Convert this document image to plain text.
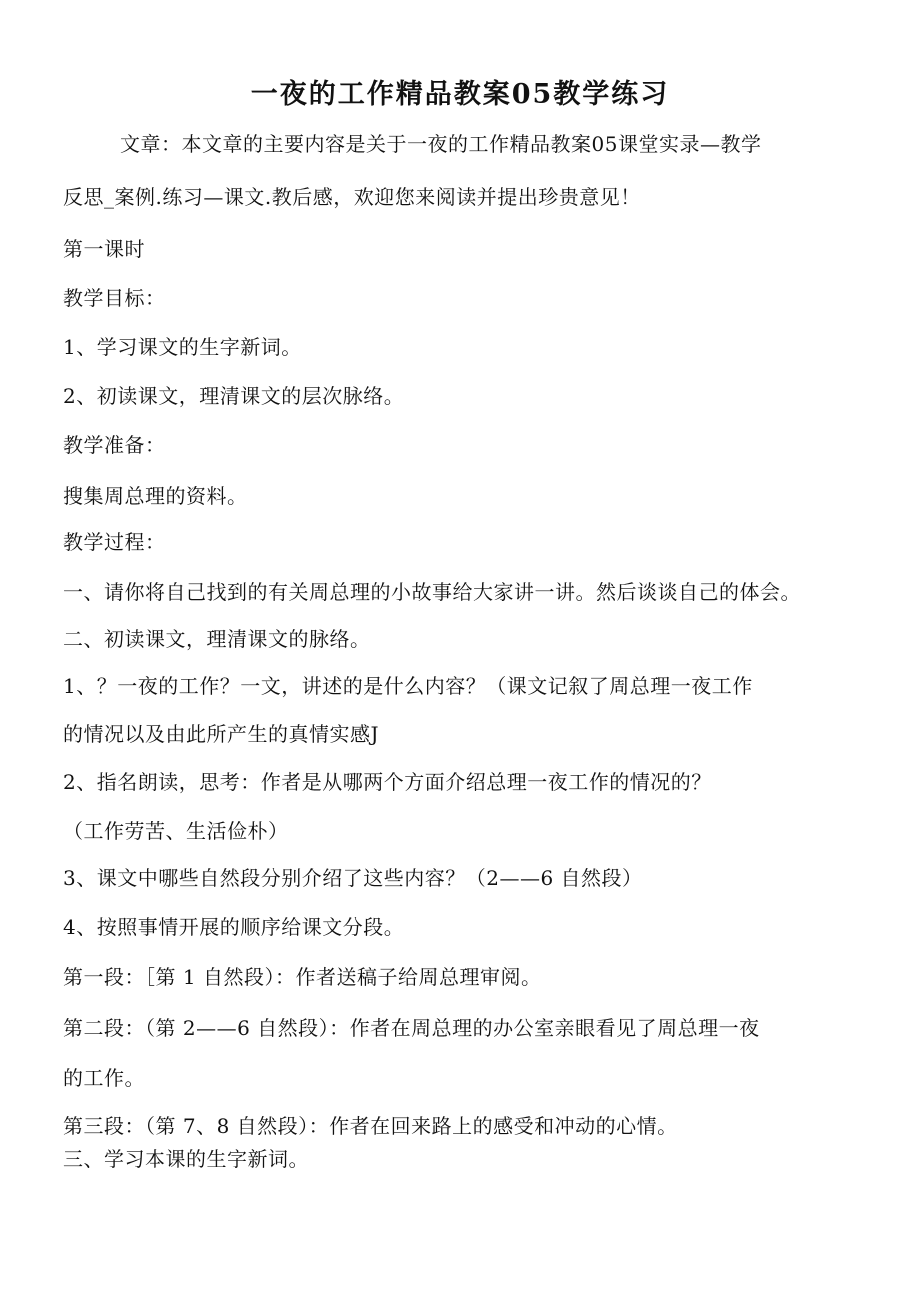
一夜的工作精品教案05教学练习
文章：本文章的主要内容是关于一夜的工作精品教案05课堂实录—教学
反思_案例.练习—课文.教后感，欢迎您来阅读并提出珍贵意见！
第一课时
教学目标：
1、学习课文的生字新词。
2、初读课文，理清课文的层次脉络。
教学准备：
搜集周总理的资料。
教学过程：
一、请你将自己找到的有关周总理的小故事给大家讲一讲。然后谈谈自己的体会。
二、初读课文，理清课文的脉络。
1、？一夜的工作？一文，讲述的是什么内容？（课文记叙了周总理一夜工作
的情况以及由此所产生的真情实感J
2、指名朗读，思考：作者是从哪两个方面介绍总理一夜工作的情况的？
（工作劳苦、生活俭朴）
3、课文中哪些自然段分别介绍了这些内容？（2——6 自然段）
4、按照事情开展的顺序给课文分段。
第一段：［第 1 自然段）：作者送稿子给周总理审阅。
第二段：（第 2——6 自然段）：作者在周总理的办公室亲眼看见了周总理一夜
的工作。
第三段：（第 7、8 自然段）：作者在回来路上的感受和冲动的心情。
三、学习本课的生字新词。
